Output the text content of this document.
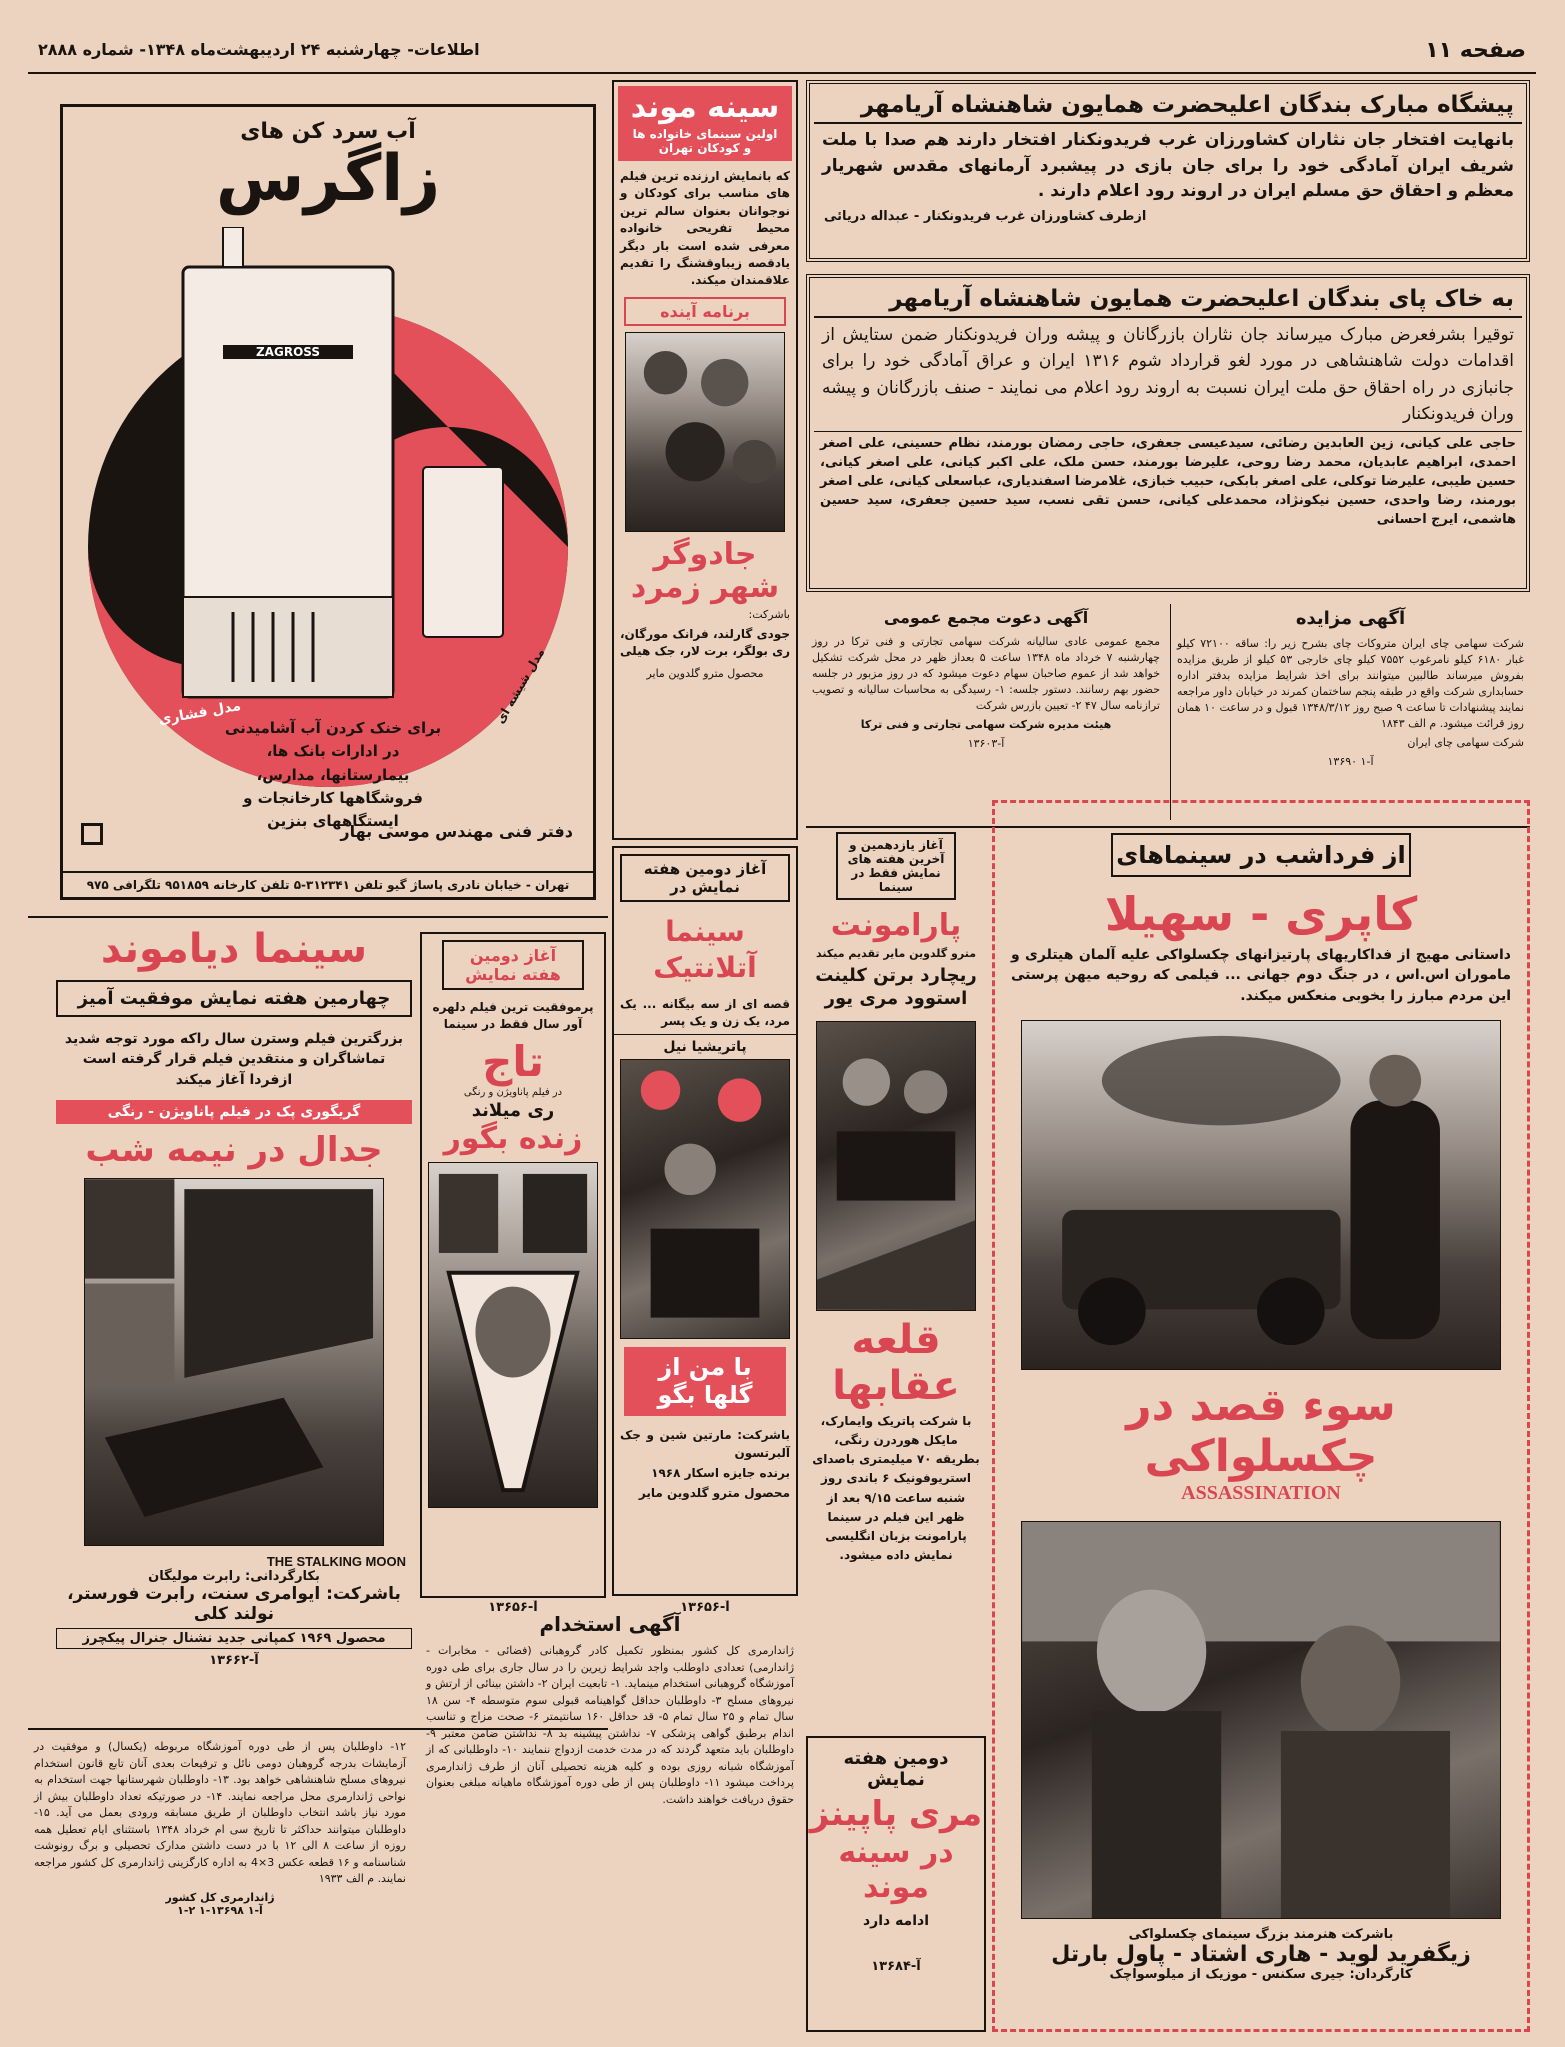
صفحه ۱۱
اطلاعات- چهارشنبه ۲۴ اردیبهشت‌ماه ۱۳۴۸- شماره ۲۸۸۸
پیشگاه مبارک بندگان اعلیحضرت همایون شاهنشاه آریامهر
بانهایت افتخار جان نثاران کشاورزان غرب فریدونکنار افتخار دارند هم صدا با ملت شریف ایران آمادگی خود را برای جان بازی در پیشبرد آرمانهای مقدس شهریار معظم و احقاق حق مسلم ایران در اروند رود اعلام دارند .
ازطرف کشاورزان غرب فریدونکنار - عبداله دریائی
به خاک پای بندگان اعلیحضرت همایون شاهنشاه آریامهر
توقیرا بشرفعرض مبارک میرساند جان نثاران بازرگانان و پیشه وران فریدونکنار ضمن ستایش از اقدامات دولت شاهنشاهی در مورد لغو قرارداد شوم ۱۳۱۶ ایران و عراق آمادگی خود را برای جانبازی در راه احقاق حق ملت ایران نسبت به اروند رود اعلام می نمایند - صنف بازرگانان و پیشه وران فریدونکنار
حاجی علی کیانی، زین العابدین رضائی، سیدعیسی جعفری، حاجی رمضان بورمند، نظام حسینی، علی اصغر احمدی، ابراهیم عابدیان، محمد رضا روحی، علیرضا بورمند، حسن ملک، علی اکبر کیانی، علی اصغر کیانی، حسین طیبی، علیرضا توکلی، علی اصغر بابکی، حبیب خبازی، غلامرضا اسفندیاری، عباسعلی کیانی، علی اصغر بورمند، رضا واحدی، حسین نیکونژاد، محمدعلی کیانی، حسن تقی نسب، سید حسین جعفری، سید حسین هاشمی، ایرج احسانی
آگهی مزایده
شرکت سهامی چای ایران متروکات چای بشرح زیر را: ساقه ۷۲۱۰۰ کیلو غبار ۶۱۸۰ کیلو نامرغوب ۷۵۵۲ کیلو چای خارجی ۵۳ کیلو از طریق مزایده بفروش میرساند طالبین میتوانند برای اخذ شرایط مزایده بدفتر اداره حسابداری شرکت واقع در طبقه پنجم ساختمان کمرند در خیابان داور مراجعه نمایند پیشنهادات تا ساعت ۹ صبح روز ۱۳۴۸/۳/۱۲ قبول و در ساعت ۱۰ همان روز قرائت میشود. م الف ۱۸۴۳
شرکت سهامی چای ایران
آ-۱ ۱۳۶۹۰
آگهی دعوت مجمع عمومی
مجمع عمومی عادی سالیانه شرکت سهامی تجارتی و فنی ترکا در روز چهارشنبه ۷ خرداد ماه ۱۳۴۸ ساعت ۵ بعداز ظهر در محل شرکت تشکیل خواهد شد از عموم صاحبان سهام دعوت میشود که در روز مزبور در جلسه حضور بهم رسانند. دستور جلسه: ۱- رسیدگی به محاسبات سالیانه و تصویب ترازنامه سال ۴۷ ۲- تعیین بازرس شرکت
هیئت مدیره شرکت سهامی تجارتی و فنی ترکا
آ-۱۳۶۰۳
از فرداشب در سینماهای
کاپری - سهیلا
داستانی مهیج از فداکاریهای پارتیزانهای چکسلواکی علیه آلمان هیتلری و ماموران اس.اس ، در جنگ دوم جهانی ... فیلمی که روحیه میهن پرستی این مردم مبارز را بخوبی منعکس میکند.
سوء قصد در چکسلواکی
ASSASSINATION
باشرکت هنرمند بزرگ سینمای چکسلواکی
زیگفرید لوید - هاری اشتاد - پاول بارتل
کارگردان: جیری سکنس - موزیک از میلوسواچک
آغاز یازدهمین و آخرین هفته های نمایش فقط در سینما
پارامونت
مترو گلدوین مایر تقدیم میکند
ریچارد برتن کلینت استوود مری یور
قلعه عقابها
با شرکت پاتریک وایمارک، مایکل هوردرن رنگی، بطریقه ۷۰ میلیمتری باصدای استریوفونیک ۶ باندی روز شنبه ساعت ۹/۱۵ بعد از ظهر این فیلم در سینما پارامونت بزبان انگلیسی نمایش داده میشود.
دومین هفته نمایش
مری پاپینز
در سینه موند
ادامه دارد
آ-۱۳۶۸۴
سینه موند
اولین سینمای خانواده ها و کودکان تهران
که بانمایش ارزنده ترین فیلم های مناسب برای کودکان و نوجوانان بعنوان سالم ترین محیط تفریحی خانواده معرفی شده است بار دیگر یادقصه زیباوقشنگ را تقدیم علاقمندان میکند.
برنامه آینده
جادوگر
شهر زمرد
باشرکت:
جودی گارلند، فرانک مورگان، ری بولگر، برت لار، جک هیلی
محصول مترو گلدوین مایر
آغاز دومین هفته نمایش در
سینما آتلانتیک
قصه ای از سه بیگانه ... یک مرد، یک زن و یک پسر
پاتریشیا نیل
با من از گلها بگو
باشرکت: مارتین شین و جک آلبرتسون
برنده جایزه اسکار ۱۹۶۸
محصول مترو گلدوین مایر
آ-۱۳۶۵۶
آغاز دومین هفته نمایش
پرموفقیت ترین فیلم دلهره آور سال فقط در سینما
تاج
در فیلم پاناویژن و رنگی
ری میلاند
زنده بگور
آ-۱۳۶۵۶
آب سرد کن های
زاگرس
ZAGROSS
مدل فشاری	مدل شیشه ای
برای خنک کردن آب آشامیدنی در ادارات بانک ها، بیمارستانها، مدارس، فروشگاهها کارخانجات و ایستگاههای بنزین
دفتر فنی مهندس موسی بهار
تهران - خیابان نادری پاساژ گیو تلفن ۳۱۲۳۴۱-۵ تلفن کارخانه ۹۵۱۸۵۹ تلگرافی ۹۷۵
سینما دیاموند
چهارمین هفته نمایش موفقیت آمیز
بزرگترین فیلم وسترن سال راکه مورد توجه شدید تماشاگران و منتقدین فیلم قرار گرفته است ازفردا آغاز میکند
گریگوری پک در فیلم پاناویژن - رنگی
جدال در نیمه شب
THE STALKING MOON
بکارگردانی: رابرت مولیگان
باشرکت: ایوامری سنت، رابرت فورستر، نولند کلی
محصول ۱۹۶۹ کمپانی جدید نشنال جنرال پیکچرز
آ-۱۳۶۶۲
آگهی استخدام
ژاندارمری کل کشور بمنظور تکمیل کادر گروهبانی (فضائی - مخابرات - ژاندارمی) تعدادی داوطلب واجد شرایط زیرین را در سال جاری برای طی دوره آموزشگاه گروهبانی استخدام مینماید. ۱- تابعیت ایران ۲- داشتن بینائی از ارتش و نیروهای مسلح ۳- داوطلبان حداقل گواهینامه قبولی سوم متوسطه ۴- سن ۱۸ سال تمام و ۲۵ سال تمام ۵- قد حداقل ۱۶۰ سانتیمتر ۶- صحت مزاج و تناسب اندام برطبق گواهی پزشکی ۷- نداشتن پیشینه بد ۸- نداشتن ضامن معتبر ۹- داوطلبان باید متعهد گردند که در مدت خدمت ازدواج ننمایند ۱۰- داوطلبانی که از آموزشگاه شبانه روزی بوده و کلیه هزینه تحصیلی آنان از طرف ژاندارمری پرداخت میشود ۱۱- داوطلبان پس از طی دوره آموزشگاه ماهیانه مبلغی بعنوان حقوق دریافت خواهند داشت.
۱۲- داوطلبان پس از طی دوره آموزشگاه مربوطه (یکسال) و موفقیت در آزمایشات بدرجه گروهبان دومی نائل و ترفیعات بعدی آنان تابع قانون استخدام نیروهای مسلح شاهنشاهی خواهد بود. ۱۳- داوطلبان شهرستانها جهت استخدام به نواحی ژاندارمری محل مراجعه نمایند. ۱۴- در صورتیکه تعداد داوطلبان بیش از مورد نیاز باشد انتخاب داوطلبان از طریق مسابقه ورودی بعمل می آید. ۱۵- داوطلبان میتوانند حداکثر تا تاریخ سی ام خرداد ۱۳۴۸ باستثنای ایام تعطیل همه روزه از ساعت ۸ الی ۱۲ با در دست داشتن مدارک تحصیلی و برگ رونوشت شناسنامه و ۱۶ قطعه عکس 3×4 به اداره کارگزینی ژاندارمری کل کشور مراجعه نمایند. م الف ۱۹۳۳
ژاندارمری کل کشور
آ-۱ ۱۳۶۹۸-۱ ۲-۱
